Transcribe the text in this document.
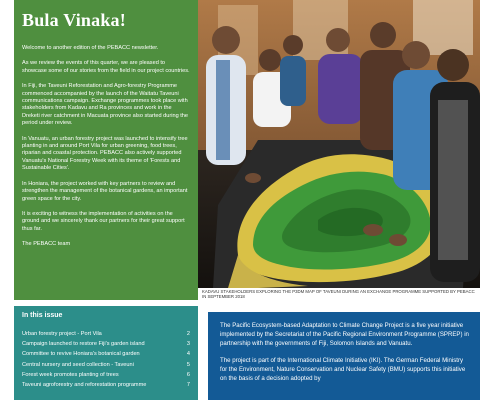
Bula Vinaka!

Welcome to another edition of the PEBACC newsletter.

As we review the events of this quarter, we are pleased to showcase some of our stories from the field in our project countries.

In Fiji, the Taveuni Reforestation and Agro-forestry Programme commenced accompanied by the launch of the Waitatu Taveuni communications campaign. Exchange programmes took place with stakeholders from Kadavu and Ra provinces and work in the Dreketi river catchment in Macuata province also started during the period under review.

In Vanuatu, an urban forestry project was launched to intensify tree planting in and around Port Vila for urban greening, food trees, riparian and coastal protection. PEBACC also actively supported Vanuatu's National Forestry Week with its theme of 'Forests and Sustainable Cities'.

In Honiara, the project worked with key partners to review and strengthen the management of the botanical gardens, an important green space for the city.

It is exciting to witness the implementation of activities on the ground and we sincerely thank our partners for their great support thus far.

The PEBACC team

KADAVU STAKEHOLDERS EXPLORING THE P3DM MAP OF TAVEUNI DURING AN EXCHANGE PROGRAMME SUPPORTED BY PEBACC IN SEPTEMBER 2018
In this issue
Urban forestry project - Port Vila	2
Campaign launched to restore Fiji's garden island	3
Committee to revive Honiara's botanical garden	4
Central nursery and seed collection - Taveuni	5
Forest week promotes planting of trees	6
Taveuni agroforestry and reforestation programme	7

The Pacific Ecosystem-based Adaptation to Climate Change Project is a five year initiative implemented by the Secretariat of the Pacific Regional Environment Programme (SPREP) in partnership with the governments of Fiji, Solomon Islands and Vanuatu.

The project is part of the International Climate Initiative (IKI). The German Federal Ministry for the Environment, Nature Conservation and Nuclear Safety (BMU) supports this initiative on the basis of a decision adopted by
